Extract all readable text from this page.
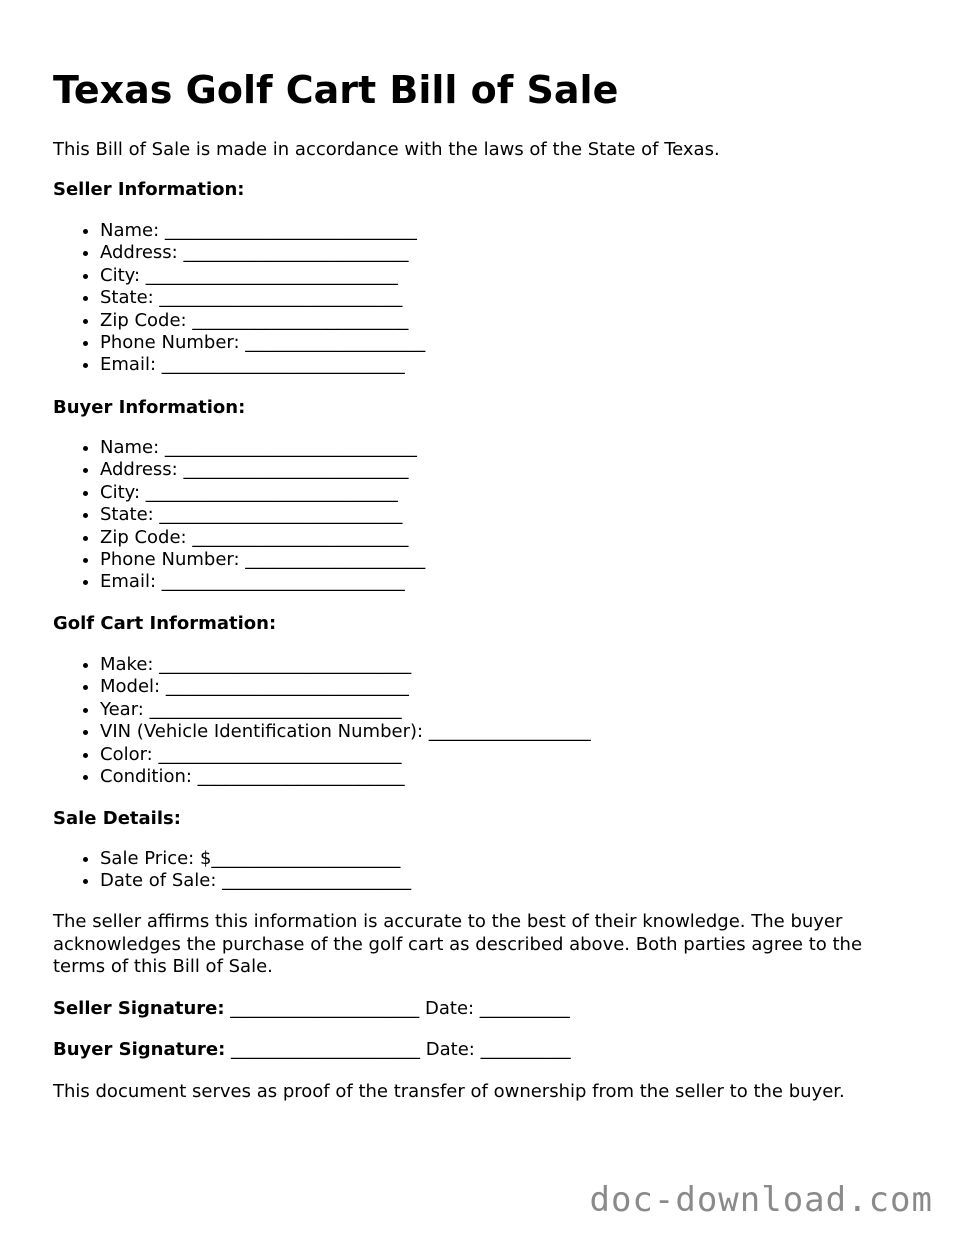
Texas Golf Cart Bill of Sale
This Bill of Sale is made in accordance with the laws of the State of Texas.
Seller Information:
• Name: ____________________________
• Address: _________________________
• City: ____________________________
• State: ___________________________
• Zip Code: ________________________
• Phone Number: ____________________
• Email: ___________________________
Buyer Information:
• Name: ____________________________
• Address: _________________________
• City: ____________________________
• State: ___________________________
• Zip Code: ________________________
• Phone Number: ____________________
• Email: ___________________________
Golf Cart Information:
• Make: ____________________________
• Model: ___________________________
• Year: ____________________________
• VIN (Vehicle Identification Number): __________________
• Color: ___________________________
• Condition: _______________________
Sale Details:
• Sale Price: $_____________________
• Date of Sale: _____________________
The seller affirms this information is accurate to the best of their knowledge. The buyer acknowledges the purchase of the golf cart as described above. Both parties agree to the terms of this Bill of Sale.
Seller Signature: _____________________ Date: __________
Buyer Signature: _____________________ Date: __________
This document serves as proof of the transfer of ownership from the seller to the buyer.
doc-download.com
